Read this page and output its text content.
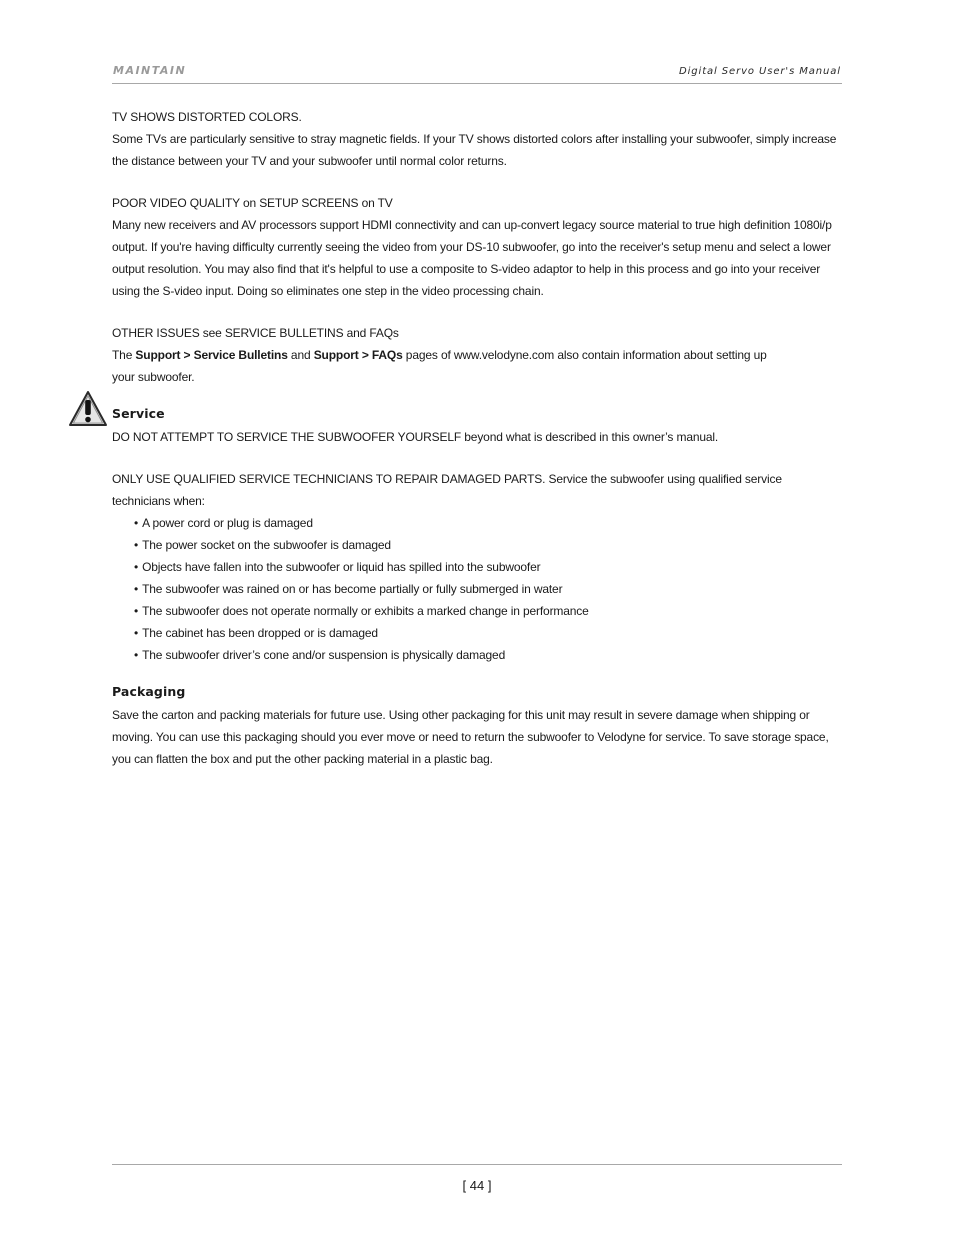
MAINTAIN	Digital Servo User's Manual

TV SHOWS DISTORTED COLORS.

Some TVs are particularly sensitive to stray magnetic fields. If your TV shows distorted colors after installing your subwoofer, simply increase the distance between your TV and your subwoofer until normal color returns.

POOR VIDEO QUALITY on SETUP SCREENS on TV

Many new receivers and AV processors support HDMI connectivity and can up-convert legacy source material to true high definition 1080i/p output. If you're having difficulty currently seeing the video from your DS-10 subwoofer, go into the receiver's setup menu and select a lower output resolution. You may also find that it's helpful to use a composite to S-video adaptor to help in this process and go into your receiver using the S-video input. Doing so eliminates one step in the video processing chain.

OTHER ISSUES see SERVICE BULLETINS and FAQs

The Support > Service Bulletins and Support > FAQs pages of www.velodyne.com also contain information about setting up
your subwoofer.

Service

DO NOT ATTEMPT TO SERVICE THE SUBWOOFER YOURSELF beyond what is described in this owner’s manual.

ONLY USE QUALIFIED SERVICE TECHNICIANS TO REPAIR DAMAGED PARTS. Service the subwoofer using qualified service technicians when:

• A power cord or plug is damaged
• The power socket on the subwoofer is damaged
• Objects have fallen into the subwoofer or liquid has spilled into the subwoofer
• The subwoofer was rained on or has become partially or fully submerged in water
• The subwoofer does not operate normally or exhibits a marked change in performance
• The cabinet has been dropped or is damaged
• The subwoofer driver’s cone and/or suspension is physically damaged

Packaging

Save the carton and packing materials for future use. Using other packaging for this unit may result in severe damage when shipping or moving. You can use this packaging should you ever move or need to return the subwoofer to Velodyne for service. To save storage space, you can flatten the box and put the other packing material in a plastic bag.

[ 44 ]
